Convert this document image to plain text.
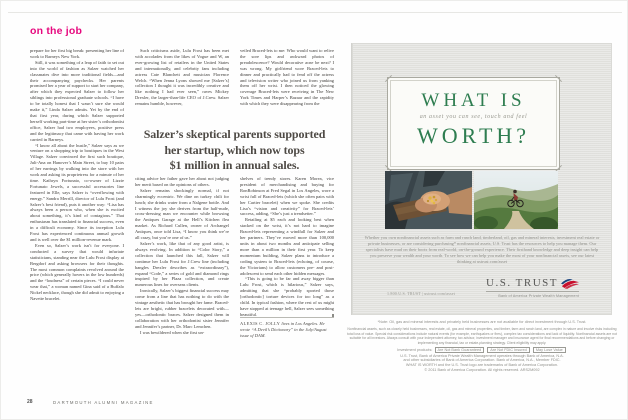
on the job

prepare for her first big break: presenting her line of work to Barneys New York.

Still, it was something of a leap of faith to set out into the world of fashion as Salzer watched her classmates dive into more traditional fields—and their accompanying paychecks. Her parents promised her a year of support to start her company, after which they expected Salzer to follow her siblings into professional graduate schools. “I have to be totally honest that I wasn’t sure she would make it,” Linda Salzer admits. Yet by the end of that first year, during which Salzer supported herself working part-time at her sister’s orthodontist office, Salzer had two employees, positive press and the legitimacy that came with having her work carried in Barneys.

“I know all about the hustle,” Salzer says as we venture on a shopping trip to boutiques in the West Village. Salzer convinced the first such boutique, Juli-Ana on Hanover’s Main Street, to buy 10 pairs of her earrings by walking into the store with her work and asking its proprietress for a minute of her time. Kathryn Fortunato, co-owner of Lizzie Fortunato Jewels, a successful accessories line featured in Elle, says Salzer is “overflowing with energy.” Sandra Merrill, director of Lulu Frost (and Salzer’s best friend), puts it another way: “Lisa has always been a person who, when she is excited about something, it’s kind of contagious.” That enthusiasm has translated to financial success, even in a difficult economy. Since its inception Lulu Frost has experienced continuous annual growth and is well over the $1 million-revenue mark.

Even so, Salzer’s work isn’t for everyone. I conducted a survey that would infuriate statisticians, standing near the Lulu Frost display at Bergdorf and asking browsers for their thoughts. The most common complaints revolved around the price (which generally hovers in the low hundreds) and the “loudness” of certain pieces. “I could never wear that,” a woman named Gina said of a Buffalo Nickel necklace, though she did admit to enjoying a Navette bracelet.

Such criticisms aside, Lulu Frost has been met with accolades from the likes of Vogue and W, an ever-growing list of retailers in the United States and internationally, and celebrity fans including actress Cate Blanchett and musician Florence Welch. “When Jenna Lyons showed me [Salzer’s] collection I thought it was incredibly creative and like nothing I had ever seen,” raves Mickey Drexler, the larger-than-life CEO of J.Crew. Salzer remains humble, however,

veiled Braced-lets to me: Who would want to relive the sore lips and awkward photos of preadolescence? Would decorative acne be next? I was wrong. My girlfriend wore Braced-lets to dinner and practically had to fend off the actress and television writer who joined us from yanking them off her wrist. I then noticed the glowing coverage Braced-lets were receiving in The New York Times and Harper’s Bazaar and the rapidity with which they were disappearing from the

Salzer’s skeptical parents supported
her startup, which now tops
$1 million in annual sales.

citing advice her father gave her about not judging her merit based on the opinions of others.

Salzer remains shockingly normal, if not charmingly eccentric. We dine on turkey chili for lunch; she drinks water from a Nalgene bottle. And I witness the joy she derives from the half-nude, cross-dressing man we encounter while browsing the Antiques Garage at the Hell’s Kitchen flea market. As Richard Cullen, owner of Archangel Antiques, once told Lisa, “I know you think we’re all crazy, but you’re one of us.”

Salzer’s work, like that of any good artist, is always evolving. In addition to “Color Story,” a collection that launched this fall, Salzer will continue her Lulu Frost for J.Crew line (including bangles Drexler describes as “extraordinary”), expand “Code,” a series of gold and diamond rings inspired by her Plaza collection, and create numerous lines for overseas clients.

Ironically, Salzer’s biggest financial success may come from a line that has nothing to do with the vintage aesthetic that has brought her fame. Braced-lets are bright, rubber bracelets decorated with—yes—orthodontic braces. Salzer designed them in collaboration with her orthodontist sister Jennifer and Jennifer’s partner, Dr. Marc Lemchen.

I was bewildered when she first un-

shelves of trendy stores. Karen Morea, vice president of merchandising and buying for RonRobinson at Fred Segal in Los Angeles, wore a wrist full of Braced-lets (which she often pairs with her Cartier bracelet) when we spoke. She credits Lisa’s “vision and creativity” for Braced-lets’ success, adding, “She’s just a trendsetter.”

Retailing at $5 each and looking best when stacked on the wrist, it’s not hard to imagine Braced-lets representing a windfall for Salzer and her partners. They’ve moved more than 100,000 units in about two months and anticipate selling more than a million in their first year. To keep momentum building, Salzer plans to introduce a coding system to Braced-lets (echoing, of course, the Victorians) to allow customers pre- and post-adolescent to send each other hidden messages.

“This is going to be far and away bigger than Lulu Frost, which is hilarious,” Salzer says, admitting that she “probably sported those [orthodontic] torture devices for too long” as a child. In typical fashion, where the rest of us might have stopped at teenage hell, Salzer sees something beautiful.

ALEXIS C. JOLLY lives in Los Angeles. He wrote “A Devil’s Dictionary” in the July/August issue of DAM.

28	DARTMOUTH ALUMNI MAGAZINE
WHAT IS
an asset you can see, touch and feel
WORTH?
Whether you own nonfinancial assets such as farm and ranch land, timberland, oil, gas and mineral interests, investment real estate or private businesses, or are considering purchasing* nonfinancial assets, U.S. Trust has the resources to help you manage them. Our specialists have mud on their boots from real-world, on-the-ground experience. Their firsthand knowledge and deep insight can help you preserve your wealth and your worth. To see how we can help you make the most of your nonfinancial assets, see our latest thinking at ustrust.com/asset
1.800.U.S. TRUST | ustrust.com/asset
U.S. TRUST
Bank of America Private Wealth Management
*Note: Oil, gas and mineral interests and privately held businesses are not available for direct investment through U.S. Trust.
Nonfinancial assets, such as closely held businesses, real estate, oil, gas and mineral properties, and timber, farm and ranch land, are complex in nature and involve risks including total loss of value. Special risk considerations include natural events (for example, earthquakes or fires), complex tax considerations and lack of liquidity. Nonfinancial assets are not suitable for all investors. Always consult with your independent attorney, tax advisor, investment manager and insurance agent for final recommendations and before changing or implementing any financial, tax or estate-planning strategy. Client eligibility may apply.
Investment products: Are Not Bank Guaranteed Are Not FDIC Insured May Lose Value
U.S. Trust, Bank of America Private Wealth Management operates through Bank of America, N.A.
and other subsidiaries of Bank of America Corporation. Bank of America, N.A., Member FDIC.
WHAT IS WORTH and the U.S. Trust logo are trademarks of Bank of America Corporation.
© 2011 Bank of America Corporation. All rights reserved. ARS2M092
